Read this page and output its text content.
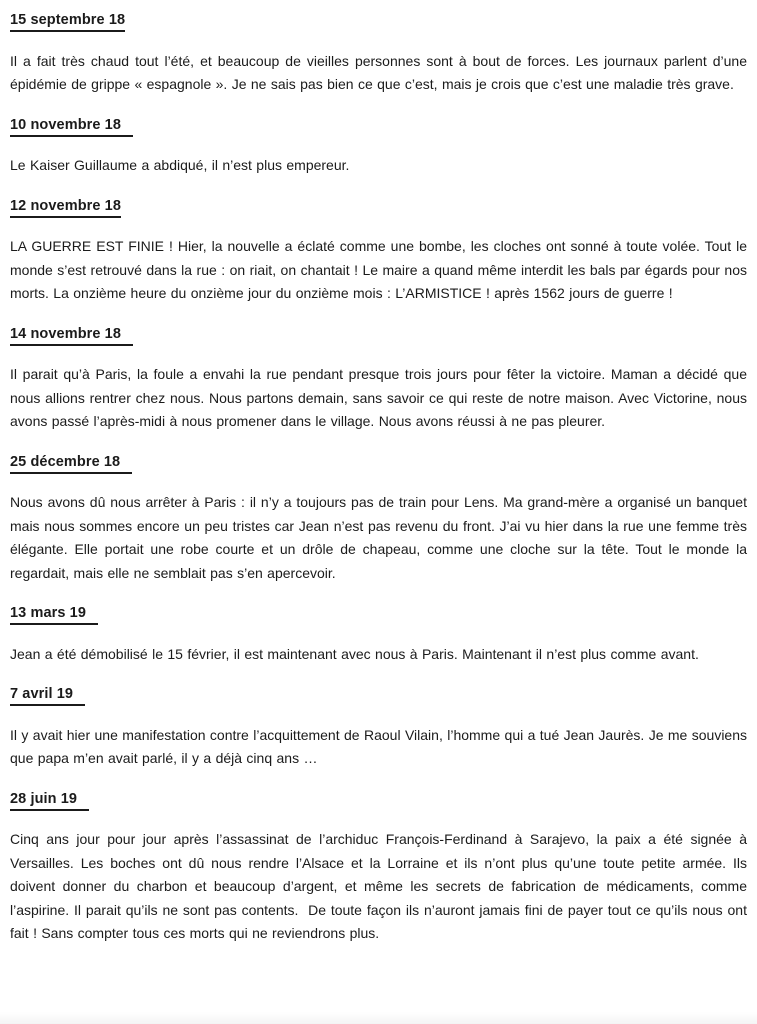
15 septembre 18

Il a fait très chaud tout l’été, et beaucoup de vieilles personnes sont à bout de forces. Les journaux parlent d’une épidémie de grippe « espagnole ». Je ne sais pas bien ce que c’est, mais je crois que c’est une maladie très grave.

10 novembre 18

Le Kaiser Guillaume a abdiqué, il n’est plus empereur.

12 novembre 18

LA GUERRE EST FINIE ! Hier, la nouvelle a éclaté comme une bombe, les cloches ont sonné à toute volée. Tout le monde s’est retrouvé dans la rue : on riait, on chantait ! Le maire a quand même interdit les bals par égards pour nos morts. La onzième heure du onzième jour du onzième mois : L’ARMISTICE ! après 1562 jours de guerre !

14 novembre 18

Il parait qu’à Paris, la foule a envahi la rue pendant presque trois jours pour fêter la victoire. Maman a décidé que nous allions rentrer chez nous. Nous partons demain, sans savoir ce qui reste de notre maison. Avec Victorine, nous avons passé l’après-midi à nous promener dans le village. Nous avons réussi à ne pas pleurer.

25 décembre 18

Nous avons dû nous arrêter à Paris : il n’y a toujours pas de train pour Lens. Ma grand-mère a organisé un banquet mais nous sommes encore un peu tristes car Jean n’est pas revenu du front. J’ai vu hier dans la rue une femme très élégante. Elle portait une robe courte et un drôle de chapeau, comme une cloche sur la tête. Tout le monde la regardait, mais elle ne semblait pas s’en apercevoir.

13 mars 19

Jean a été démobilisé le 15 février, il est maintenant avec nous à Paris. Maintenant il n’est plus comme avant.

7 avril 19

Il y avait hier une manifestation contre l’acquittement de Raoul Vilain, l’homme qui a tué Jean Jaurès. Je me souviens que papa m’en avait parlé, il y a déjà cinq ans …

28 juin 19

Cinq ans jour pour jour après l’assassinat de l’archiduc François-Ferdinand à Sarajevo, la paix a été signée à Versailles. Les boches ont dû nous rendre l’Alsace et la Lorraine et ils n’ont plus qu’une toute petite armée. Ils doivent donner du charbon et beaucoup d’argent, et même les secrets de fabrication de médicaments, comme l’aspirine. Il parait qu’ils ne sont pas contents.  De toute façon ils n’auront jamais fini de payer tout ce qu’ils nous ont fait ! Sans compter tous ces morts qui ne reviendrons plus.
